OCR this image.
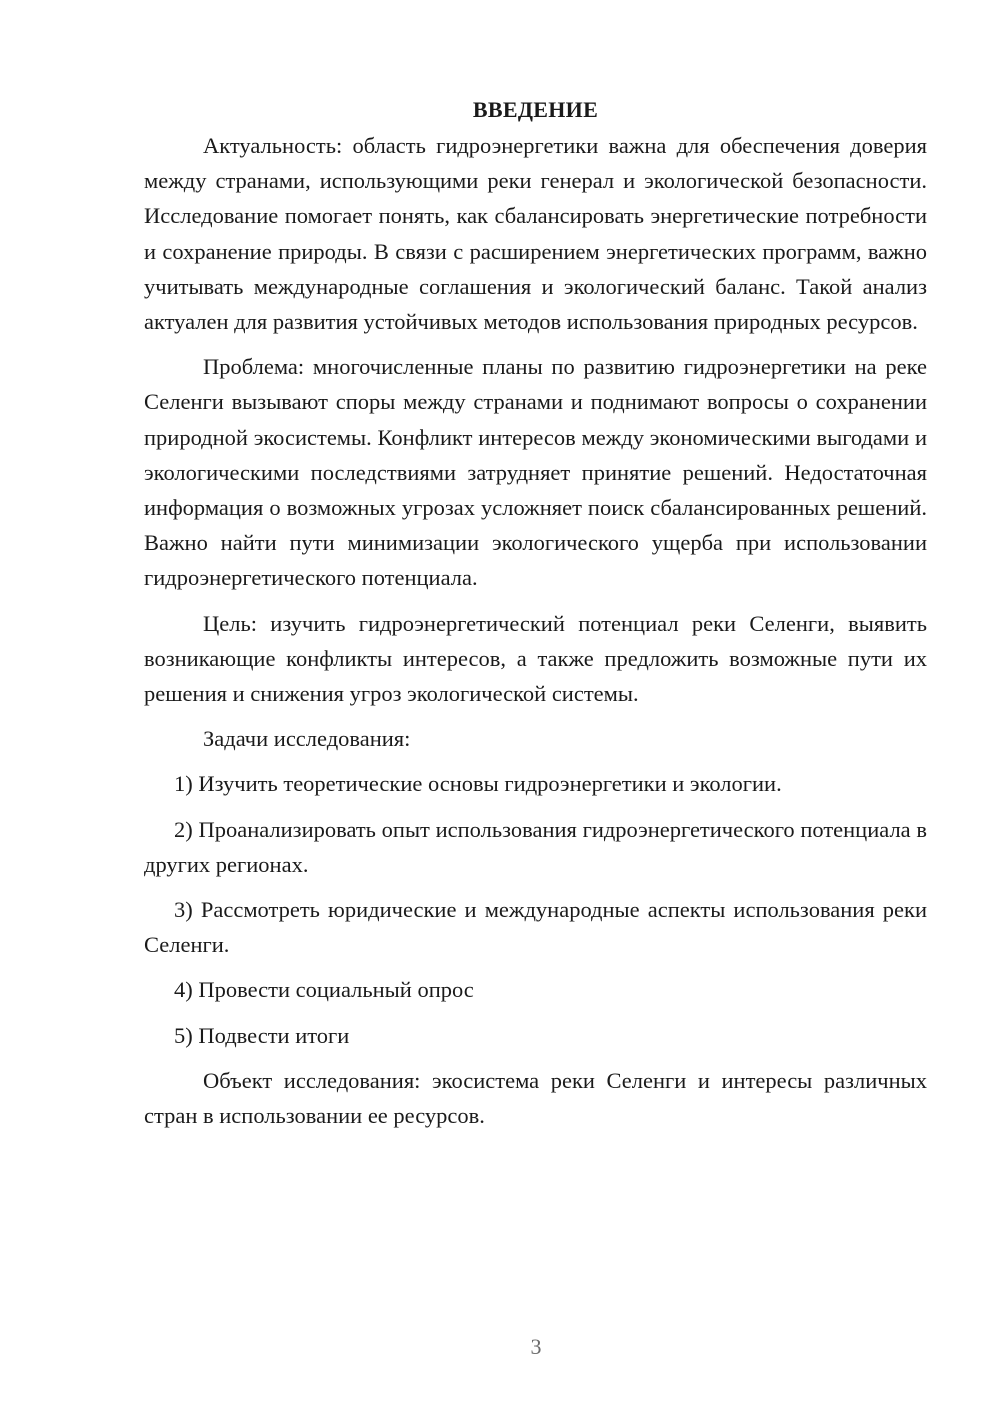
ВВЕДЕНИЕ

Актуальность: область гидроэнергетики важна для обеспечения доверия между странами, использующими реки генерал и экологической безопасности. Исследование помогает понять, как сбалансировать энергетические потребности и сохранение природы. В связи с расширением энергетических программ, важно учитывать международные соглашения и экологический баланс. Такой анализ актуален для развития устойчивых методов использования природных ресурсов.

Проблема: многочисленные планы по развитию гидроэнергетики на реке Селенги вызывают споры между странами и поднимают вопросы о сохранении природной экосистемы. Конфликт интересов между экономическими выгодами и экологическими последствиями затрудняет принятие решений. Недостаточная информация о возможных угрозах усложняет поиск сбалансированных решений. Важно найти пути минимизации экологического ущерба при использовании гидроэнергетического потенциала.

Цель: изучить гидроэнергетический потенциал реки Селенги, выявить возникающие конфликты интересов, а также предложить возможные пути их решения и снижения угроз экологической системы.

Задачи исследования:

1) Изучить теоретические основы гидроэнергетики и экологии.

2) Проанализировать опыт использования гидроэнергетического потенциала в других регионах.

3) Рассмотреть юридические и международные аспекты использования реки Селенги.

4) Провести социальный опрос

5) Подвести итоги

Объект исследования: экосистема реки Селенги и интересы различных стран в использовании ее ресурсов.

3
